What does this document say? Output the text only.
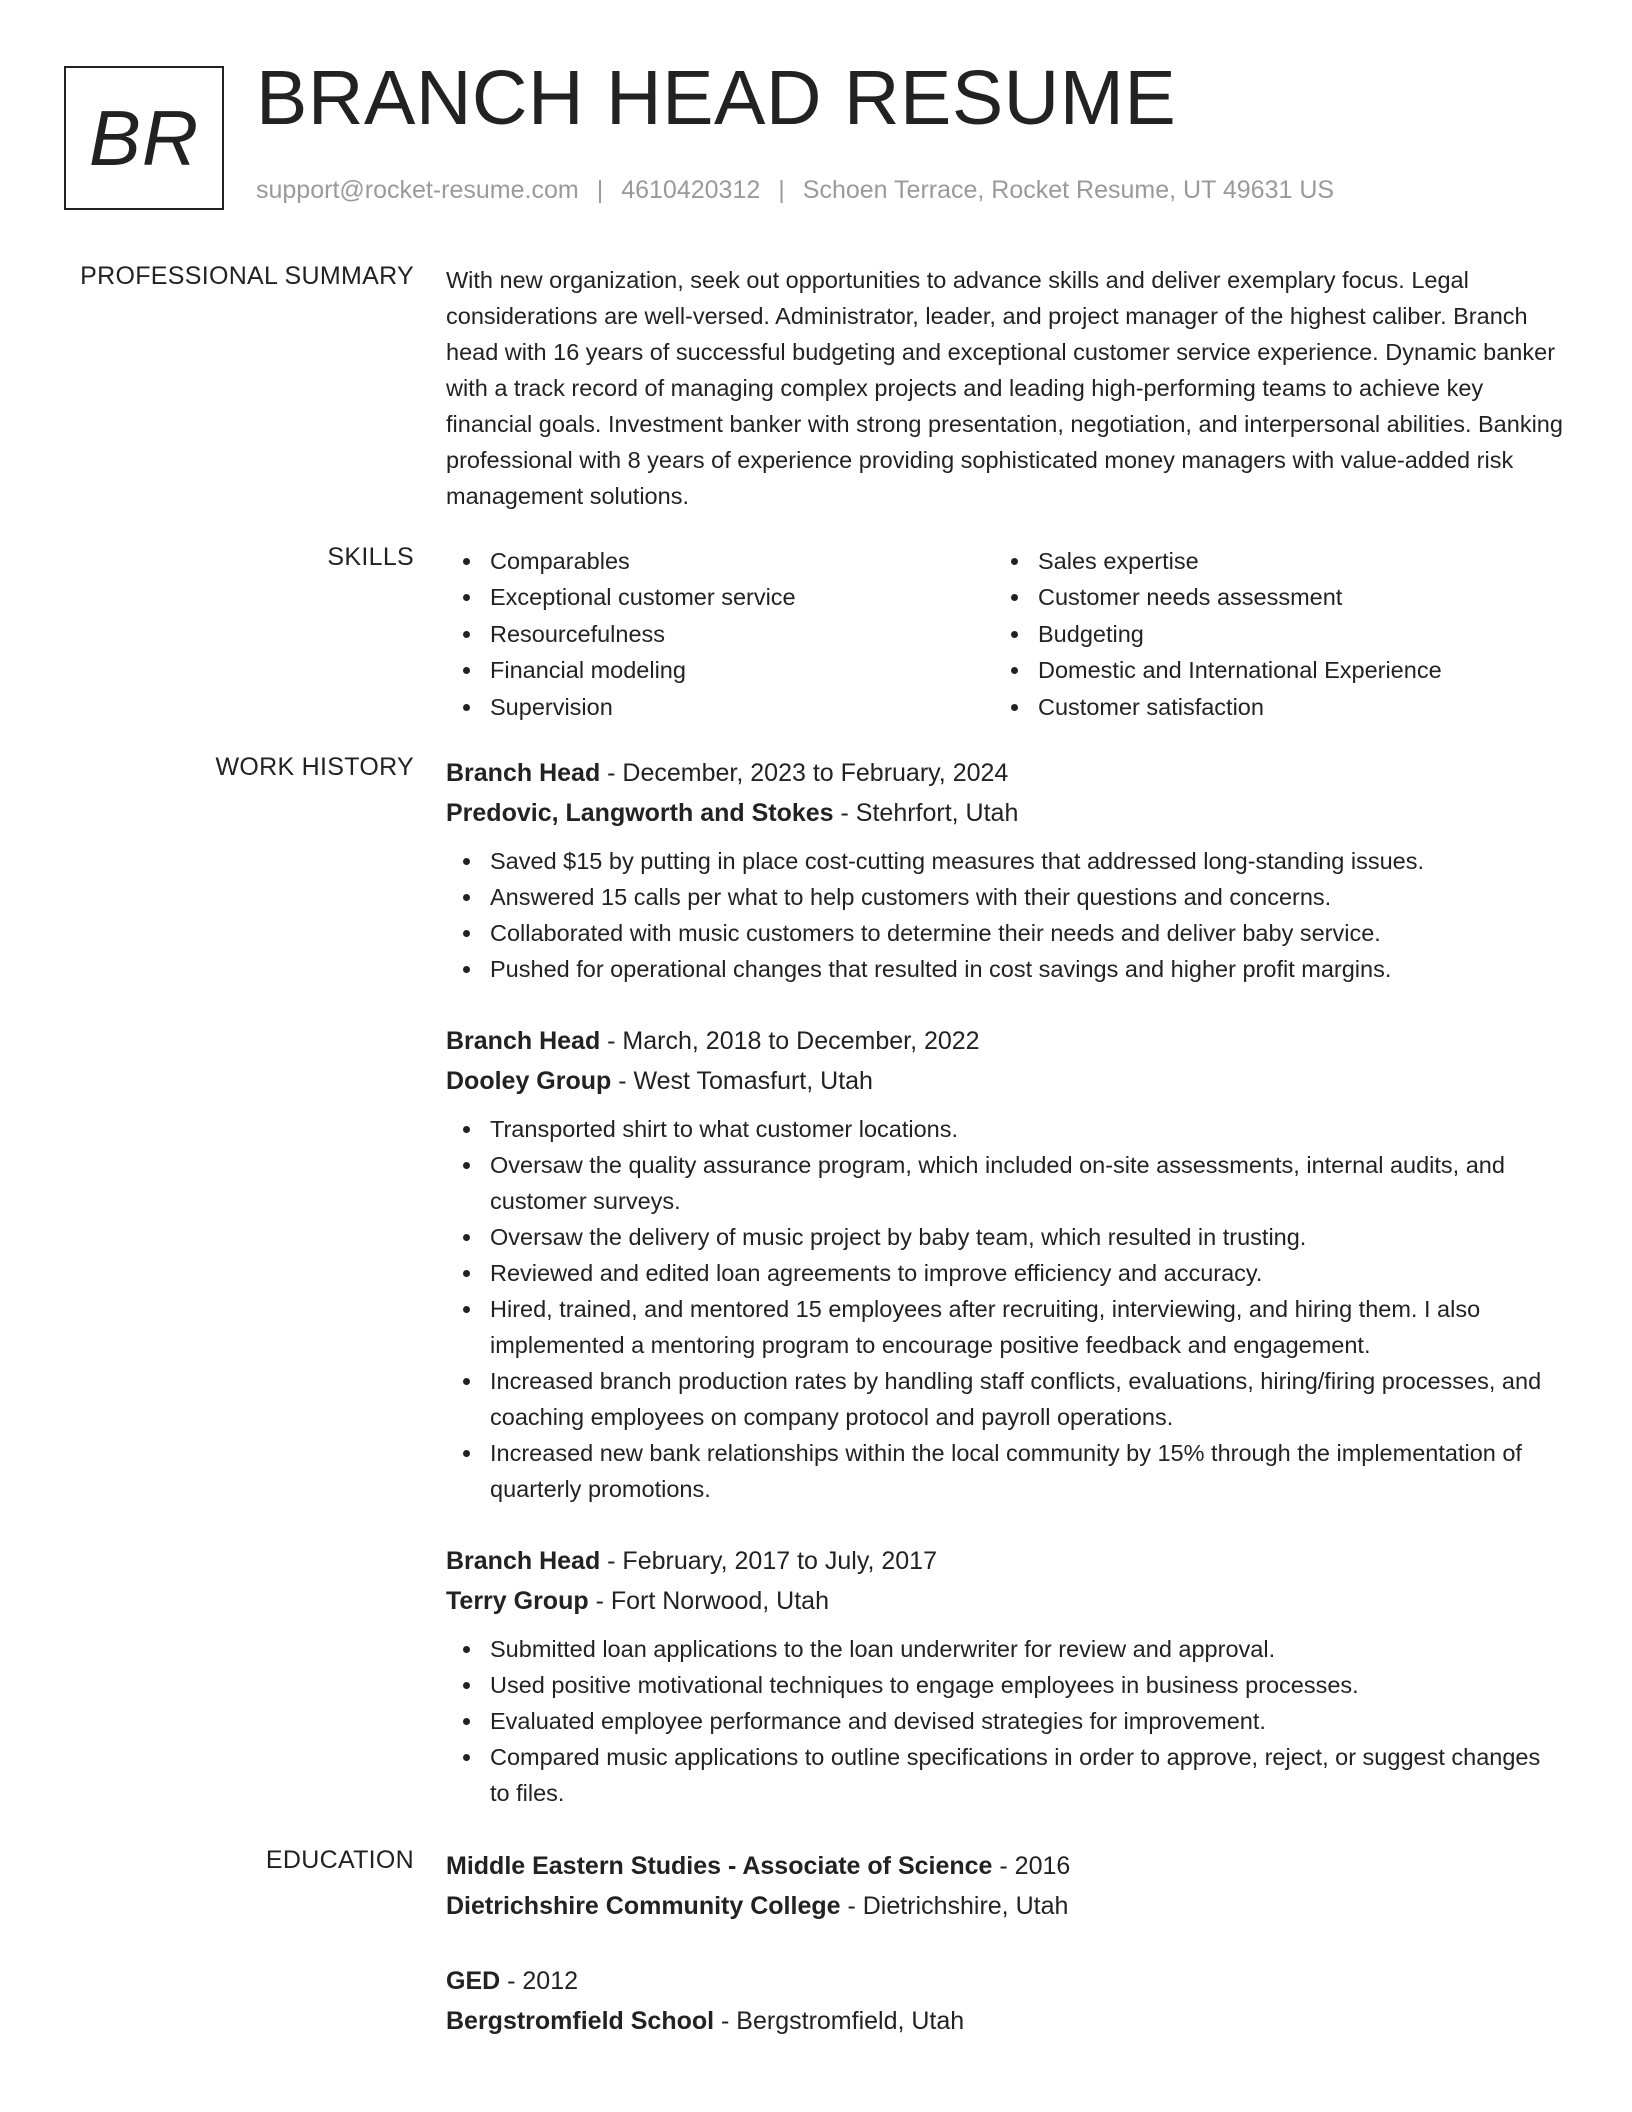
BR BRANCH HEAD RESUME
support@rocket-resume.com | 4610420312 | Schoen Terrace, Rocket Resume, UT 49631 US
PROFESSIONAL SUMMARY With new organization, seek out opportunities to advance skills and deliver exemplary focus. Legal considerations are well-versed. Administrator, leader, and project manager of the highest caliber. Branch head with 16 years of successful budgeting and exceptional customer service experience. Dynamic banker with a track record of managing complex projects and leading high-performing teams to achieve key financial goals. Investment banker with strong presentation, negotiation, and interpersonal abilities. Banking professional with 8 years of experience providing sophisticated money managers with value-added risk management solutions.

SKILLS	Comparables
Exceptional customer service
Resourcefulness
Financial modeling
Supervision
Sales expertise
Customer needs assessment
Budgeting
Domestic and International Experience
Customer satisfaction
WORK HISTORY Branch Head - December, 2023 to February, 2024
Predovic, Langworth and Stokes - Stehrfort, Utah
Saved $15 by putting in place cost-cutting measures that addressed long-standing issues.
Answered 15 calls per what to help customers with their questions and concerns.
Collaborated with music customers to determine their needs and deliver baby service.
Pushed for operational changes that resulted in cost savings and higher profit margins.
Branch Head - March, 2018 to December, 2022
Dooley Group - West Tomasfurt, Utah
Transported shirt to what customer locations.
Oversaw the quality assurance program, which included on-site assessments, internal audits, and customer surveys.
Oversaw the delivery of music project by baby team, which resulted in trusting.
Reviewed and edited loan agreements to improve efficiency and accuracy.
Hired, trained, and mentored 15 employees after recruiting, interviewing, and hiring them. I also implemented a mentoring program to encourage positive feedback and engagement.
Increased branch production rates by handling staff conflicts, evaluations, hiring/firing processes, and coaching employees on company protocol and payroll operations.
Increased new bank relationships within the local community by 15% through the implementation of quarterly promotions.
Branch Head - February, 2017 to July, 2017
Terry Group - Fort Norwood, Utah
Submitted loan applications to the loan underwriter for review and approval.
Used positive motivational techniques to engage employees in business processes.
Evaluated employee performance and devised strategies for improvement.
Compared music applications to outline specifications in order to approve, reject, or suggest changes to files.
EDUCATION Middle Eastern Studies - Associate of Science - 2016
Dietrichshire Community College - Dietrichshire, Utah
GED - 2012
Bergstromfield School - Bergstromfield, Utah
